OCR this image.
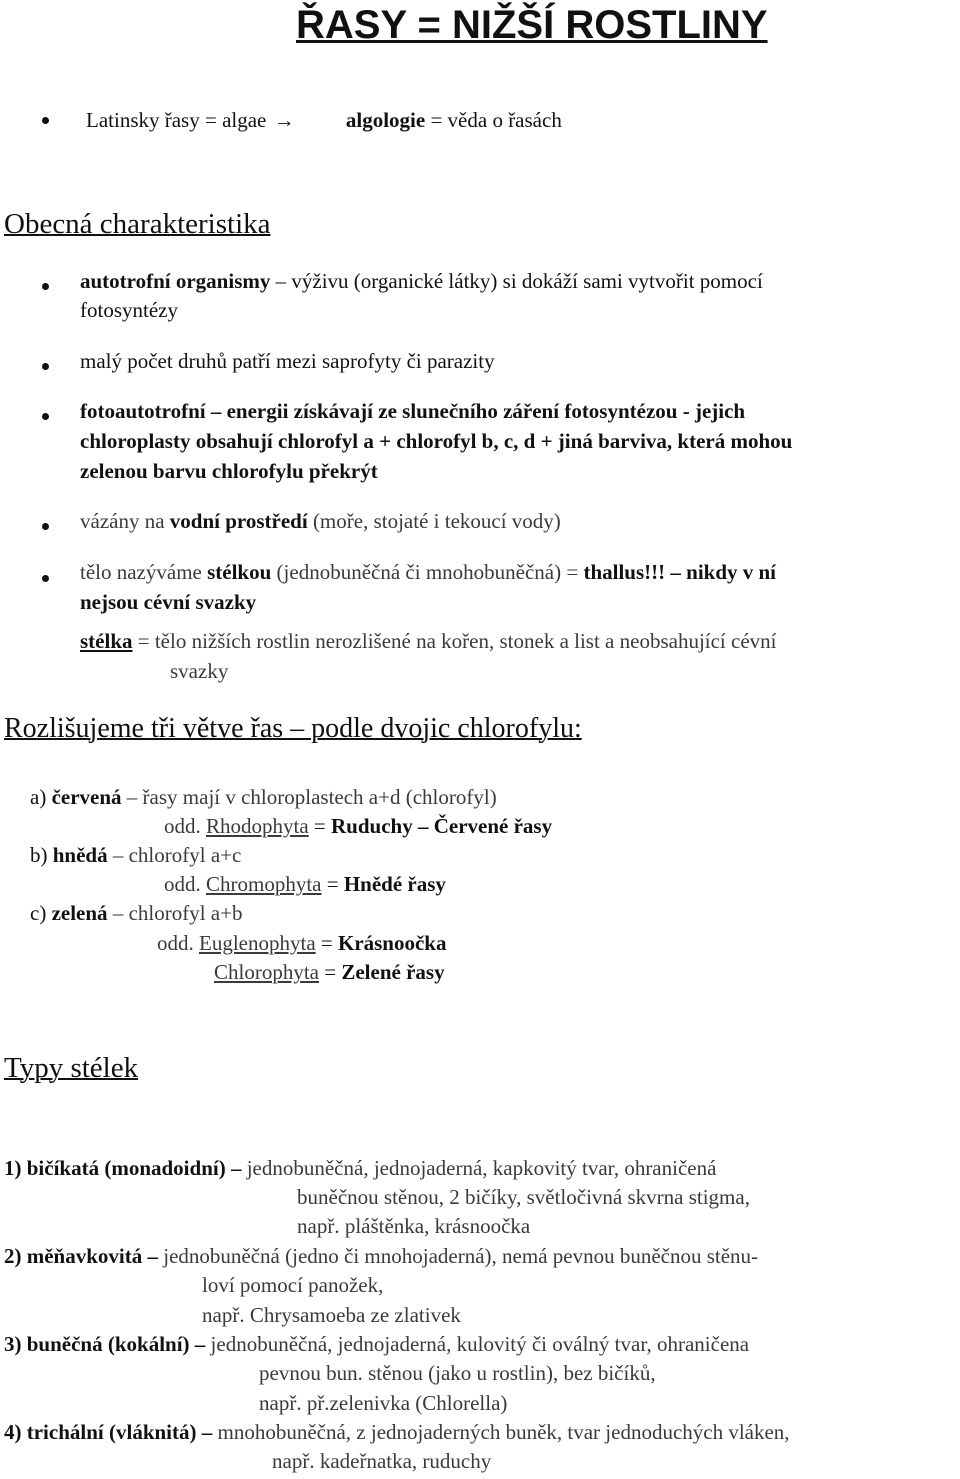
ŘASY = NIŽŠÍ ROSTLINY
Latinsky řasy = algae → algologie = věda o řasách
Obecná charakteristika
autotrofní organismy – výživu (organické látky) si dokáží sami vytvořit pomocí
fotosyntézy
malý počet druhů patří mezi saprofyty či parazity
fotoautotrofní – energii získávají ze slunečního záření fotosyntézou - jejich
chloroplasty obsahují chlorofyl a + chlorofyl b, c, d + jiná barviva, která mohou
zelenou barvu chlorofylu překrýt
vázány na vodní prostředí (moře, stojaté i tekoucí vody)
tělo nazýváme stélkou (jednobuněčná či mnohobuněčná) = thallus!!! – nikdy v ní
nejsou cévní svazky
stélka = tělo nižších rostlin nerozlišené na kořen, stonek a list a neobsahující cévní
svazky
Rozlišujeme tři větve řas – podle dvojic chlorofylu:
a) červená – řasy mají v chloroplastech a+d (chlorofyl)
odd. Rhodophyta = Ruduchy – Červené řasy
b) hnědá – chlorofyl a+c
odd. Chromophyta = Hnědé řasy
c) zelená – chlorofyl a+b
odd. Euglenophyta = Krásnoočka
Chlorophyta = Zelené řasy
Typy stélek
1) bičíkatá (monadoidní) – jednobuněčná, jednojaderná, kapkovitý tvar, ohraničená
buněčnou stěnou, 2 bičíky, světločivná skvrna stigma,
např. pláštěnka, krásnoočka
2) měňavkovitá – jednobuněčná (jedno či mnohojaderná), nemá pevnou buněčnou stěnu-
loví pomocí panožek,
např. Chrysamoeba ze zlativek
3) buněčná (kokální) – jednobuněčná, jednojaderná, kulovitý či oválný tvar, ohraničena
pevnou bun. stěnou (jako u rostlin), bez bičíků,
např. př.zelenivka (Chlorella)
4) trichální (vláknitá) – mnohobuněčná, z jednojaderných buněk, tvar jednoduchých vláken,
např. kadeřnatka, ruduchy
